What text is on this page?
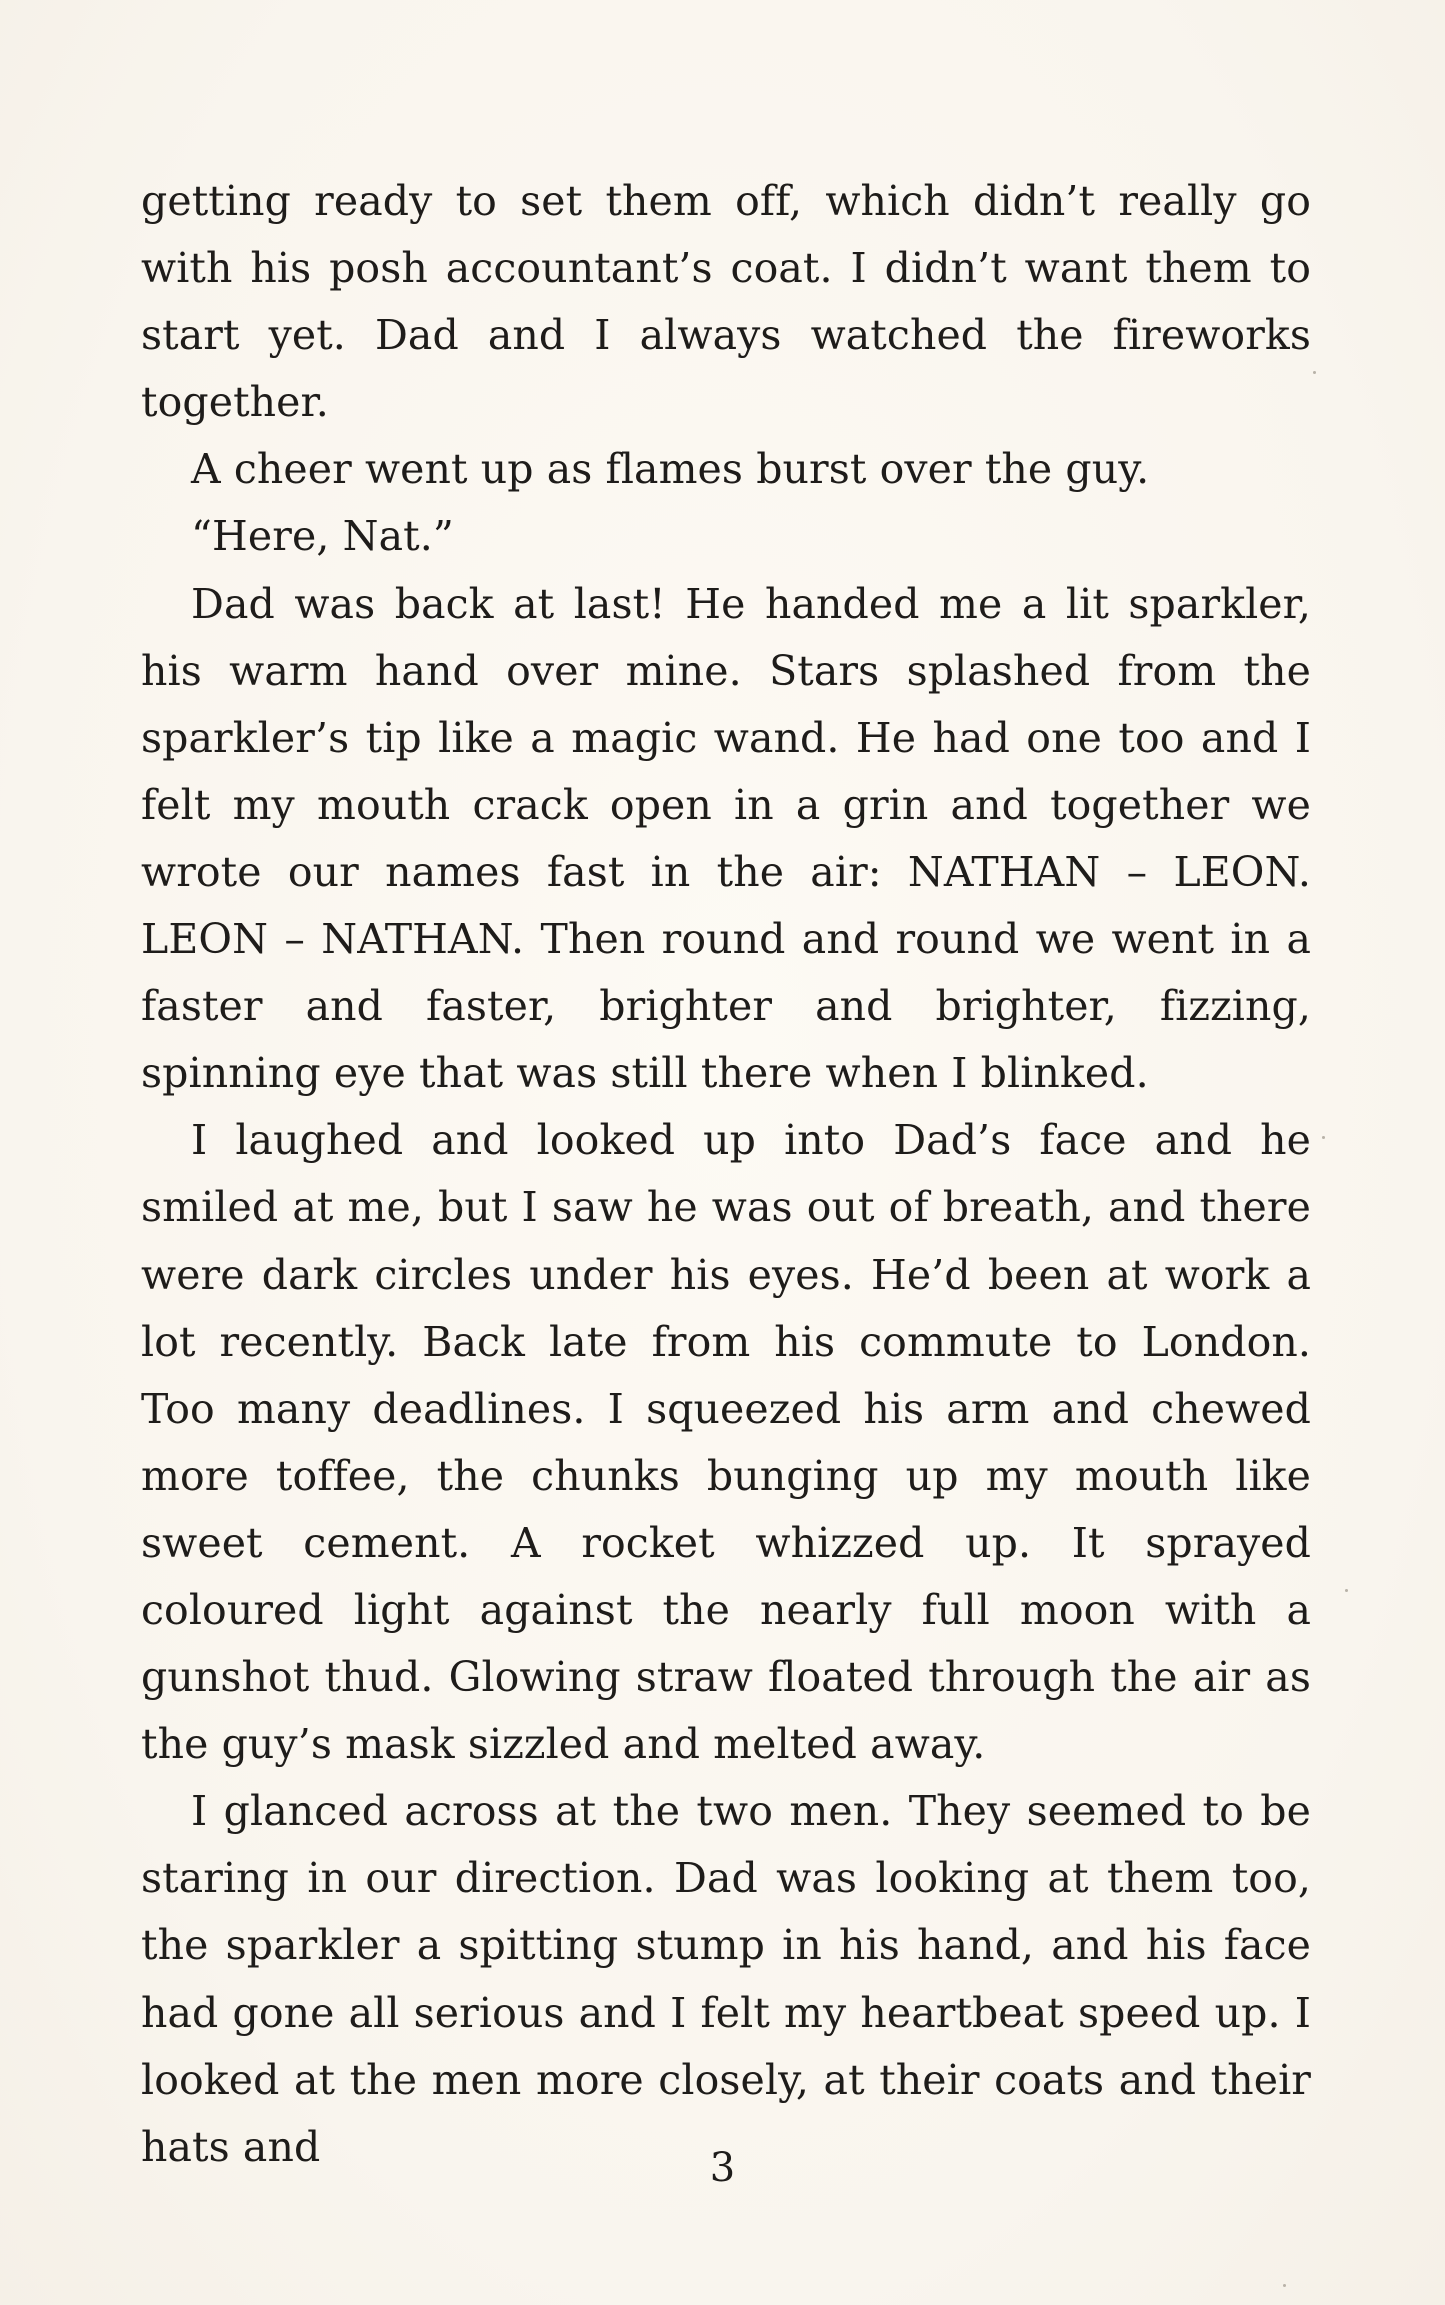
getting ready to set them off, which didn’t really go with his posh accountant’s coat. I didn’t want them to start yet. Dad and I always watched the fireworks together.

A cheer went up as flames burst over the guy.

“Here, Nat.”

Dad was back at last! He handed me a lit sparkler, his warm hand over mine. Stars splashed from the sparkler’s tip like a magic wand. He had one too and I felt my mouth crack open in a grin and together we wrote our names fast in the air: NATHAN – LEON. LEON – NATHAN. Then round and round we went in a faster and faster, brighter and brighter, fizzing, spinning eye that was still there when I blinked.

I laughed and looked up into Dad’s face and he smiled at me, but I saw he was out of breath, and there were dark circles under his eyes. He’d been at work a lot recently. Back late from his commute to London. Too many deadlines. I squeezed his arm and chewed more toffee, the chunks bunging up my mouth like sweet cement. A rocket whizzed up. It sprayed coloured light against the nearly full moon with a gunshot thud. Glowing straw floated through the air as the guy’s mask sizzled and melted away.

I glanced across at the two men. They seemed to be staring in our direction. Dad was looking at them too, the sparkler a spitting stump in his hand, and his face had gone all serious and I felt my heartbeat speed up. I looked at the men more closely, at their coats and their hats and	3
